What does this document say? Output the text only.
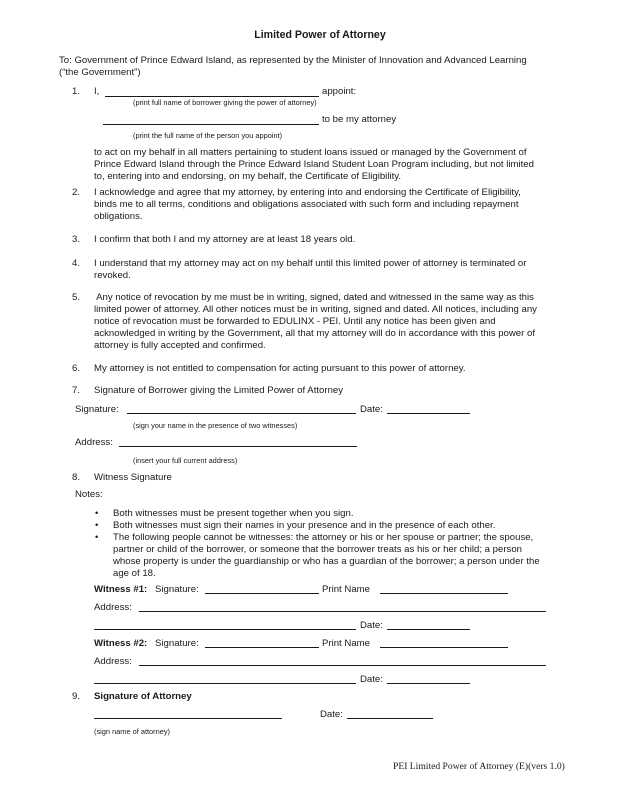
Limited Power of Attorney
To: Government of Prince Edward Island, as represented by the Minister of Innovation and Advanced Learning
(“the Government”)
1. I,	appoint:
(print full name of borrower giving the power of attorney)
to be my attorney
(print the full name of the person you appoint)
to act on my behalf in all matters pertaining to student loans issued or managed by the Government of
Prince Edward Island through the Prince Edward Island Student Loan Program including, but not limited
to, entering into and endorsing, on my behalf, the Certificate of Eligibility.
2. I acknowledge and agree that my attorney, by entering into and endorsing the Certificate of Eligibility,
binds me to all terms, conditions and obligations associated with such form and including repayment
obligations.
3. I confirm that both I and my attorney are at least 18 years old.
4. I understand that my attorney may act on my behalf until this limited power of attorney is terminated or
revoked.
5. Any notice of revocation by me must be in writing, signed, dated and witnessed in the same way as this
limited power of attorney. All other notices must be in writing, signed and dated. All notices, including any
notice of revocation must be forwarded to EDULINX - PEI. Until any notice has been given and
acknowledged in writing by the Government, all that my attorney will do in accordance with this power of
attorney is fully accepted and confirmed.
6. My attorney is not entitled to compensation for acting pursuant to this power of attorney.
7. Signature of Borrower giving the Limited Power of Attorney
Signature:	Date:
(sign your name in the presence of two witnesses)
Address:
(insert your full current address)
8. Witness Signature
Notes:
• Both witnesses must be present together when you sign.
• Both witnesses must sign their names in your presence and in the presence of each other.
• The following people cannot be witnesses: the attorney or his or her spouse or partner; the spouse,
partner or child of the borrower, or someone that the borrower treats as his or her child; a person
whose property is under the guardianship or who has a guardian of the borrower; a person under the
age of 18.
Witness #1: Signature:	Print Name
Address:
Date:
Witness #2: Signature:	Print Name
Address:
Date:
9. Signature of Attorney
Date:
(sign name of attorney)
PEI Limited Power of Attorney (E)(vers 1.0)
